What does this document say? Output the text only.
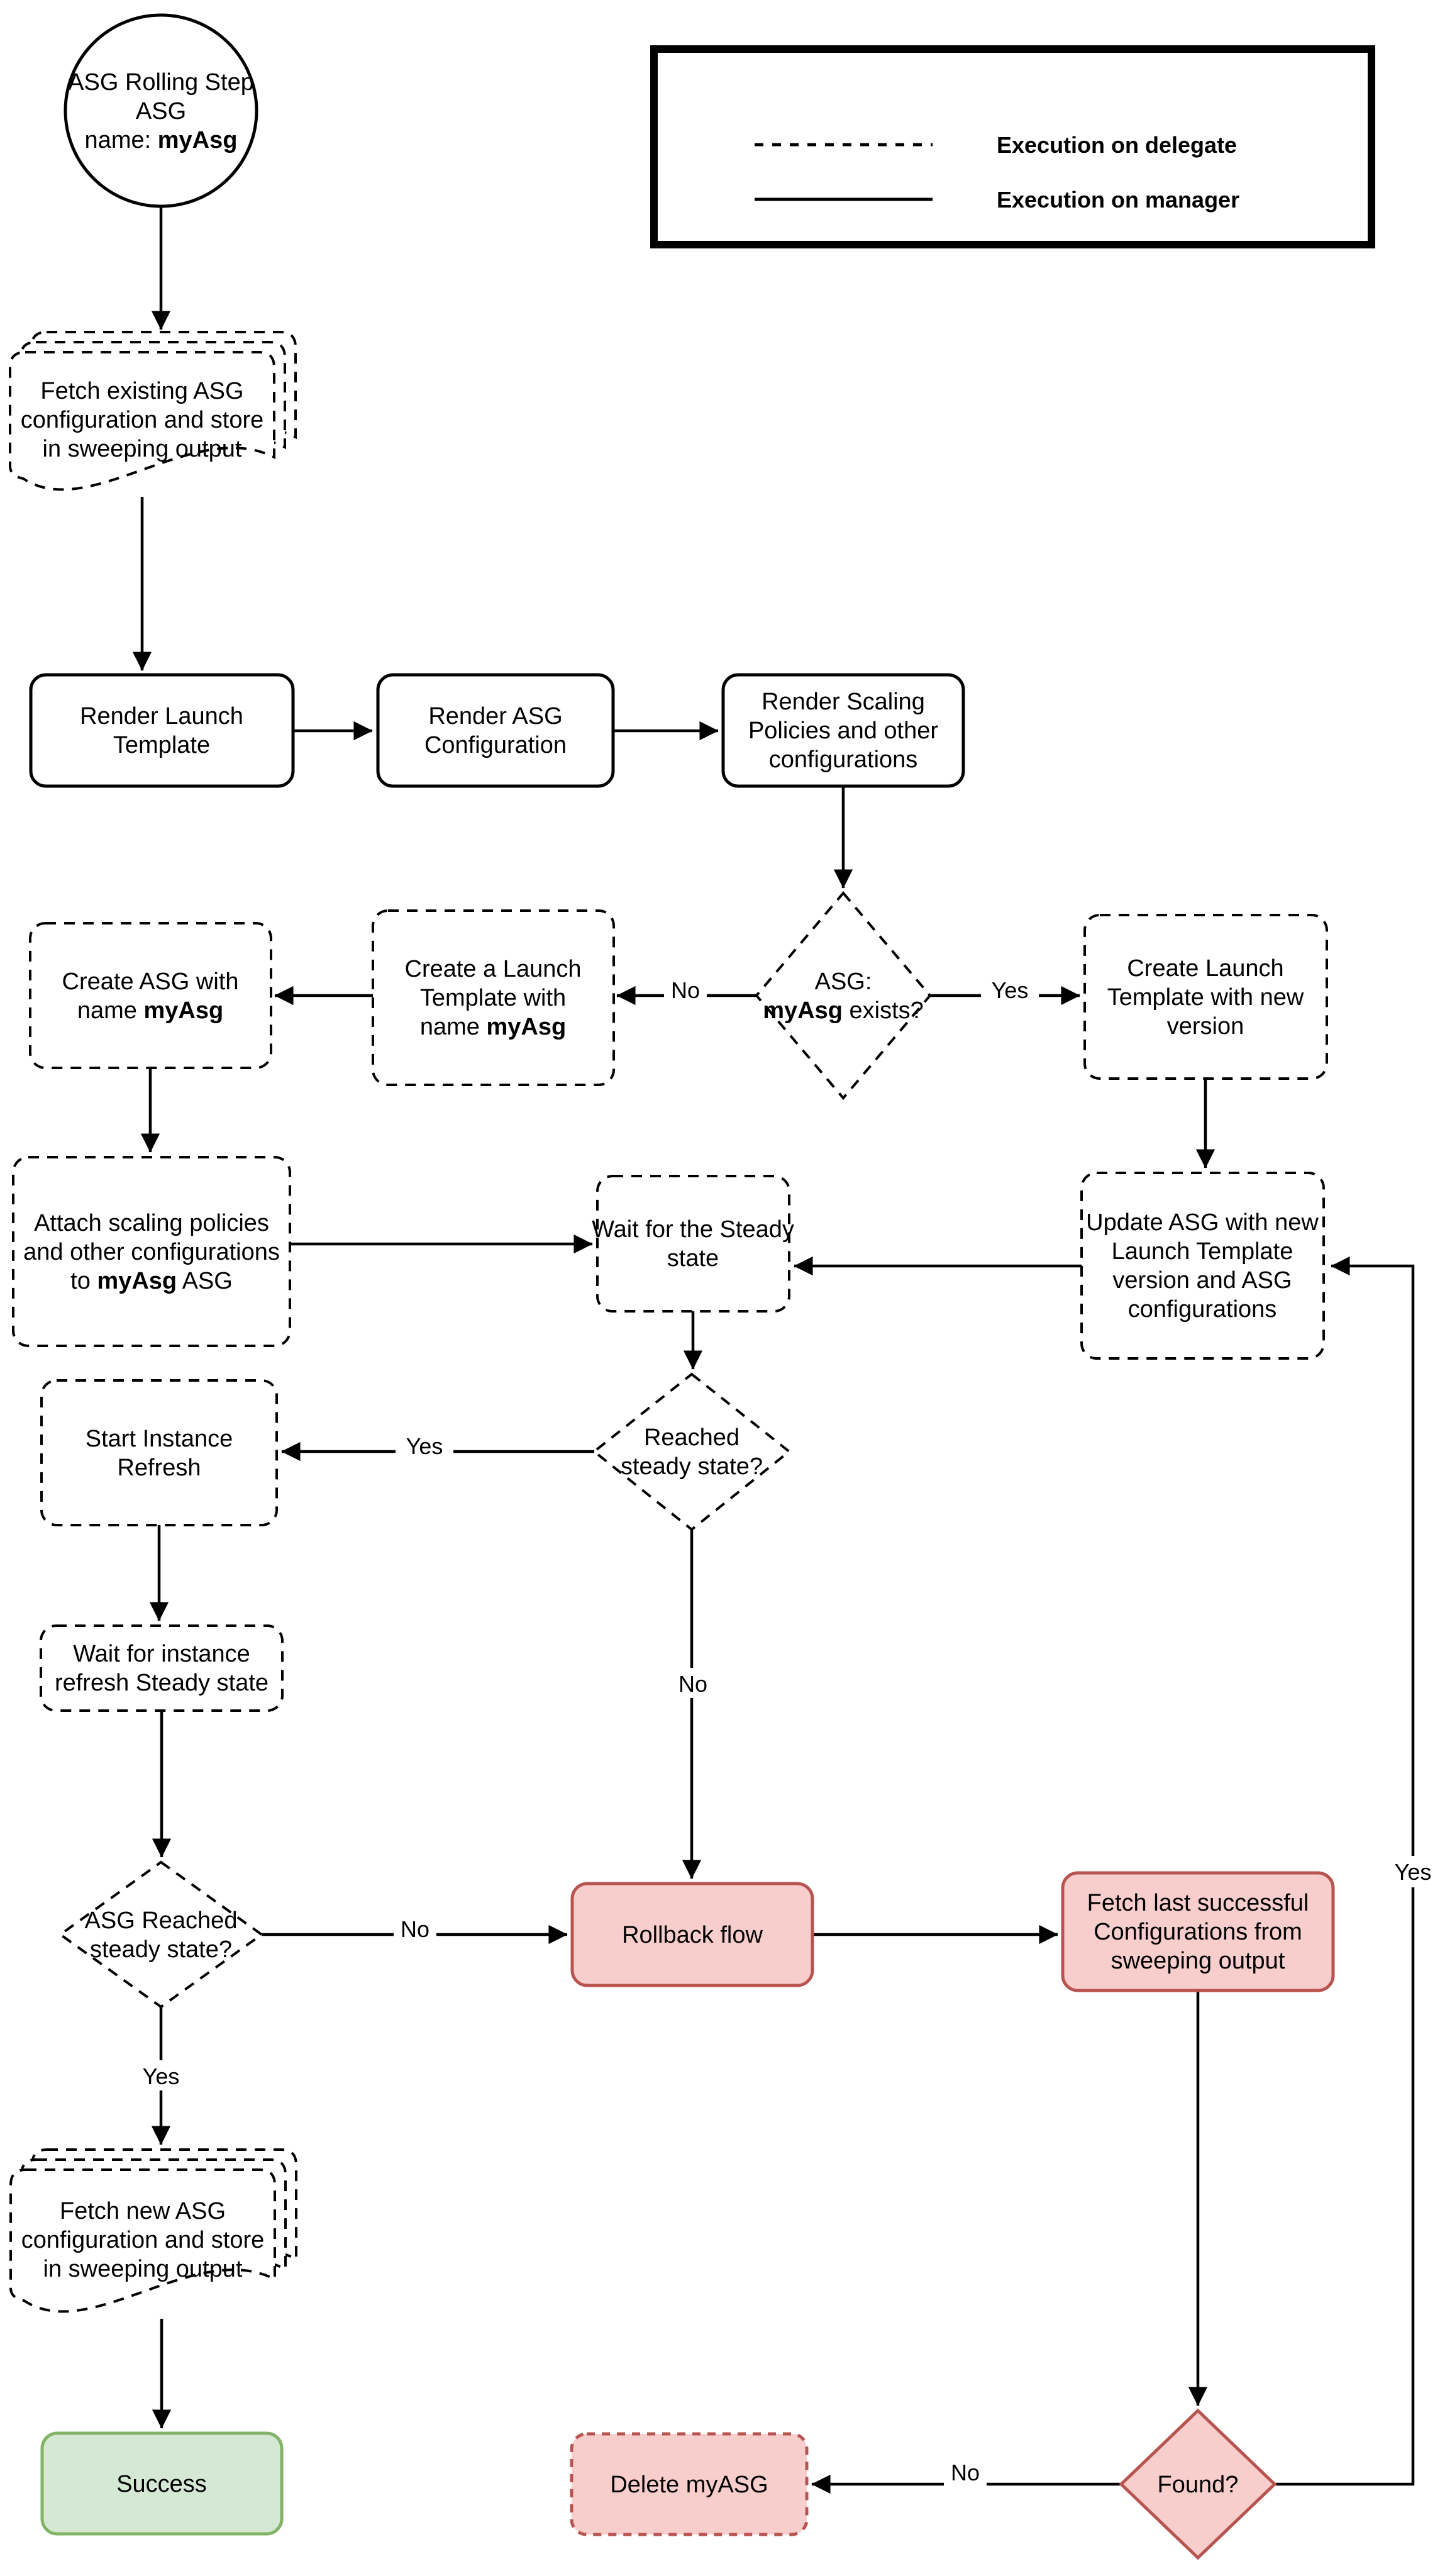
Execution on delegate
Execution on manager
ASG Rolling Step
ASG
name: myAsg
Fetch existing ASG
configuration and store
in sweeping output
Render Launch
Template
Render ASG
Configuration
Render Scaling
Policies and other
configurations
ASG:
myAsg exists?
Create a Launch
Template with
name myAsg
Create ASG with
name myAsg
Create Launch
Template with new
version
Update ASG with new
Launch Template
version and ASG
configurations
Attach scaling policies
and other configurations
to myAsg ASG
Wait for the Steady
state
Reached
steady state?
Start Instance
Refresh
Wait for instance
refresh Steady state
ASG Reached
steady state?
Rollback flow
Fetch last successful
Configurations from
sweeping output
Found?
Delete myASG
Fetch new ASG
configuration and store
in sweeping output
Success
No	Yes
Yes
No
No
Yes
No
Yes
